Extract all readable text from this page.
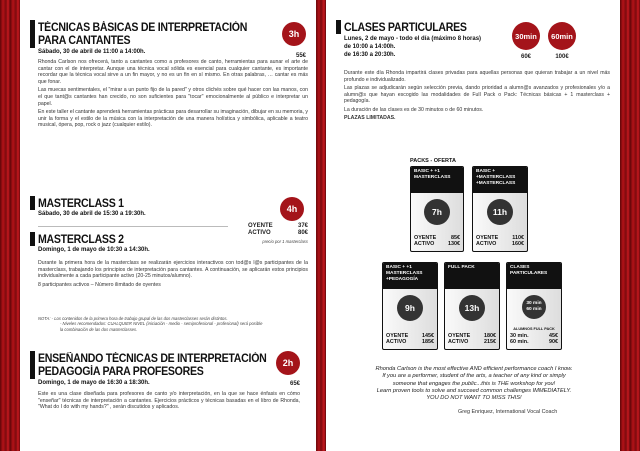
TÉCNICAS BÁSICAS DE INTERPRETACIÓN
PARA CANTANTES
Sábado, 30 de abril de 11:00 a 14:00h.
3h
55€

Rhonda Carlson nos ofrecerá, tanto a cantantes como a profesores de canto, herramientas para aunar el arte de cantar con el de interpretar. Aunque una técnica vocal sólida es esencial para cualquier cantante, es importante recordar que la técnica vocal sirve a un fin mayor, y no es un fin en sí mismo. En otras palabras, … cantar es más que fonar.

Las muecas sentimentales, el "mirar a un punto fijo de la pared" y otros clichés sobre qué hacer con las manos, con el que tant@s cantantes han crecido, no son suficientes para "tocar" emocionalmente al público e interpretar un papel.

En este taller el cantante aprenderá herramientas prácticas para desarrollar su imaginación, dibujar en su memoria, y unir la forma y el estilo de la música con la interpretación de una manera holística y simbólica, aplicable a teatro musical, ópera, pop, rock o jazz (cualquier estilo).

MASTERCLASS 1
Sábado, 30 de abril de 15:30 a 19:30h.
MASTERCLASS 2
Domingo, 1 de mayo de 10:30 a 14:30h.
4h
OYENTE	37€
ACTIVO	80€
precio por 1 masterclass

Durante la primera hora de la masterclass se realizarán ejercicios interactivos con tod@s l@s participantes de la masterclass, trabajando los principios de interpretación para cantantes. A continuación, se aplicarán estos principios individualmente a cada participante activo (20-25 minutos/alumno).

8 participantes activos – Número ilimitado de oyentes

NOTA: - Los contenidos de la primera hora de trabajo grupal de las dos masterclasses serán distintos.
- Niveles recomendados: CUALQUIER NIVEL (iniciación - medio - semiprofesional - profesional) será posible
la combinación de las dos masterclasses.
ENSEÑANDO TÉCNICAS DE INTERPRETACIÓN
PEDAGOGÍA PARA PROFESORES
Domingo, 1 de mayo de 16:30 a 18:30h.
2h
65€

Este es una clase diseñada para profesores de canto y/o interpretación, en la que se hace énfasis en cómo "enseñar" técnicas de interpretación a cantantes. Ejercicios prácticos y técnicas basadas en el libro de Rhonda, "What do I do with my hands?" , serán discutidos y aplicados.

CLASES PARTICULARES
Lunes, 2 de mayo - todo el día (máximo 8 horas)
de 10:00 a 14:00h.
de 16:30 a 20:30h.
30min
60€
60min
100€

Durante este día Rhonda impartirá clases privadas para aquellas personas que quieran trabajar a un nivel más profundo e individualizado.

Las plazas se adjudicarán según selección previa, dando prioridad a alumn@s avanzados y profesionales y/o a alumn@s que hayan escogido las modalidades de Full Pack o Pack: Técnicas básicas + 1 masterclass + pedagogía.

La duración de las clases es de 30 minutos o de 60 minutos.

PLAZAS LIMITADAS.

PACKS - OFERTA
BASIC + +1 MASTERCLASS
7h
OYENTE	85€
ACTIVO	130€
BASIC + +MASTERCLASS +MASTERCLASS
11h
OYENTE	110€
ACTIVO	160€
BASIC + +1 MASTERCLASS +PEDAGOGÍA
9h
OYENTE	145€
ACTIVO	185€
FULL PACK
13h
OYENTE	180€
ACTIVO	215€
CLASES PARTICULARES
30 min
60 min
ALUMNOS FULL PACK
30 min.	45€
60 min.	90€
Rhonda Carlson is the most effective AND efficient performance coach I know.
If you are a performer, student of the arts, a teacher of any kind or simply
someone that engages the public...this is THE workshop for you!
Learn proven tools to solve and succeed common challenges IMMEDIATELY.
YOU DO NOT WANT TO MISS THIS!
Greg Enriquez, International Vocal Coach
